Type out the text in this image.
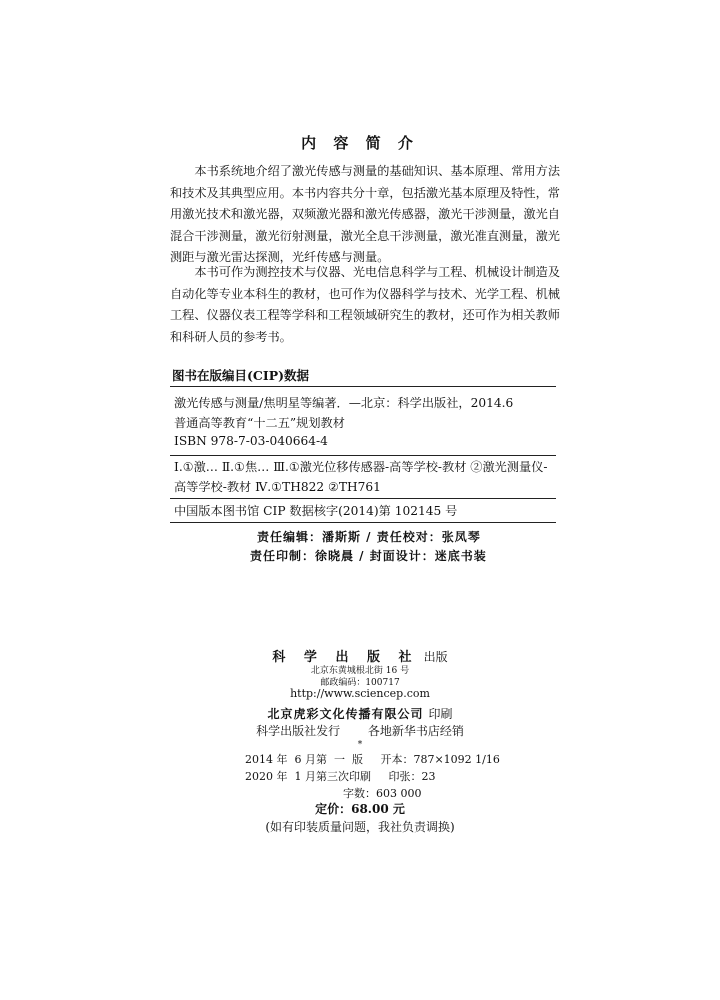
内 容 简 介

本书系统地介绍了激光传感与测量的基础知识、基本原理、常用方法和技术及其典型应用。本书内容共分十章，包括激光基本原理及特性，常用激光技术和激光器，双频激光器和激光传感器，激光干涉测量，激光自混合干涉测量，激光衍射测量，激光全息干涉测量，激光准直测量，激光测距与激光雷达探测，光纤传感与测量。

本书可作为测控技术与仪器、光电信息科学与工程、机械设计制造及自动化等专业本科生的教材，也可作为仪器科学与技术、光学工程、机械工程、仪器仪表工程等学科和工程领域研究生的教材，还可作为相关教师和科研人员的参考书。

图书在版编目(CIP)数据
激光传感与测量/焦明星等编著．—北京：科学出版社，2014.6
普通高等教育“十二五”规划教材
ISBN 978-7-03-040664-4

Ⅰ.①激… Ⅱ.①焦… Ⅲ.①激光位移传感器-高等学校-教材 ②激光测量仪-高等学校-教材 Ⅳ.①TH822 ②TH761

中国版本图书馆 CIP 数据核字(2014)第 102145 号
责任编辑：潘斯斯 / 责任校对：张凤琴
责任印制：徐晓晨 / 封面设计：迷底书装
科 学 出 版 社 出版
北京东黄城根北街 16 号
邮政编码：100717
http://www.sciencep.com
北京虎彩文化传播有限公司 印刷
科学出版社发行 各地新华书店经销
*
2014 年  6 月第  一  版     开本：787×1092 1/16
2020 年  1 月第三次印刷     印张：23
字数：603 000
定价：68.00 元
(如有印装质量问题，我社负责调换)
